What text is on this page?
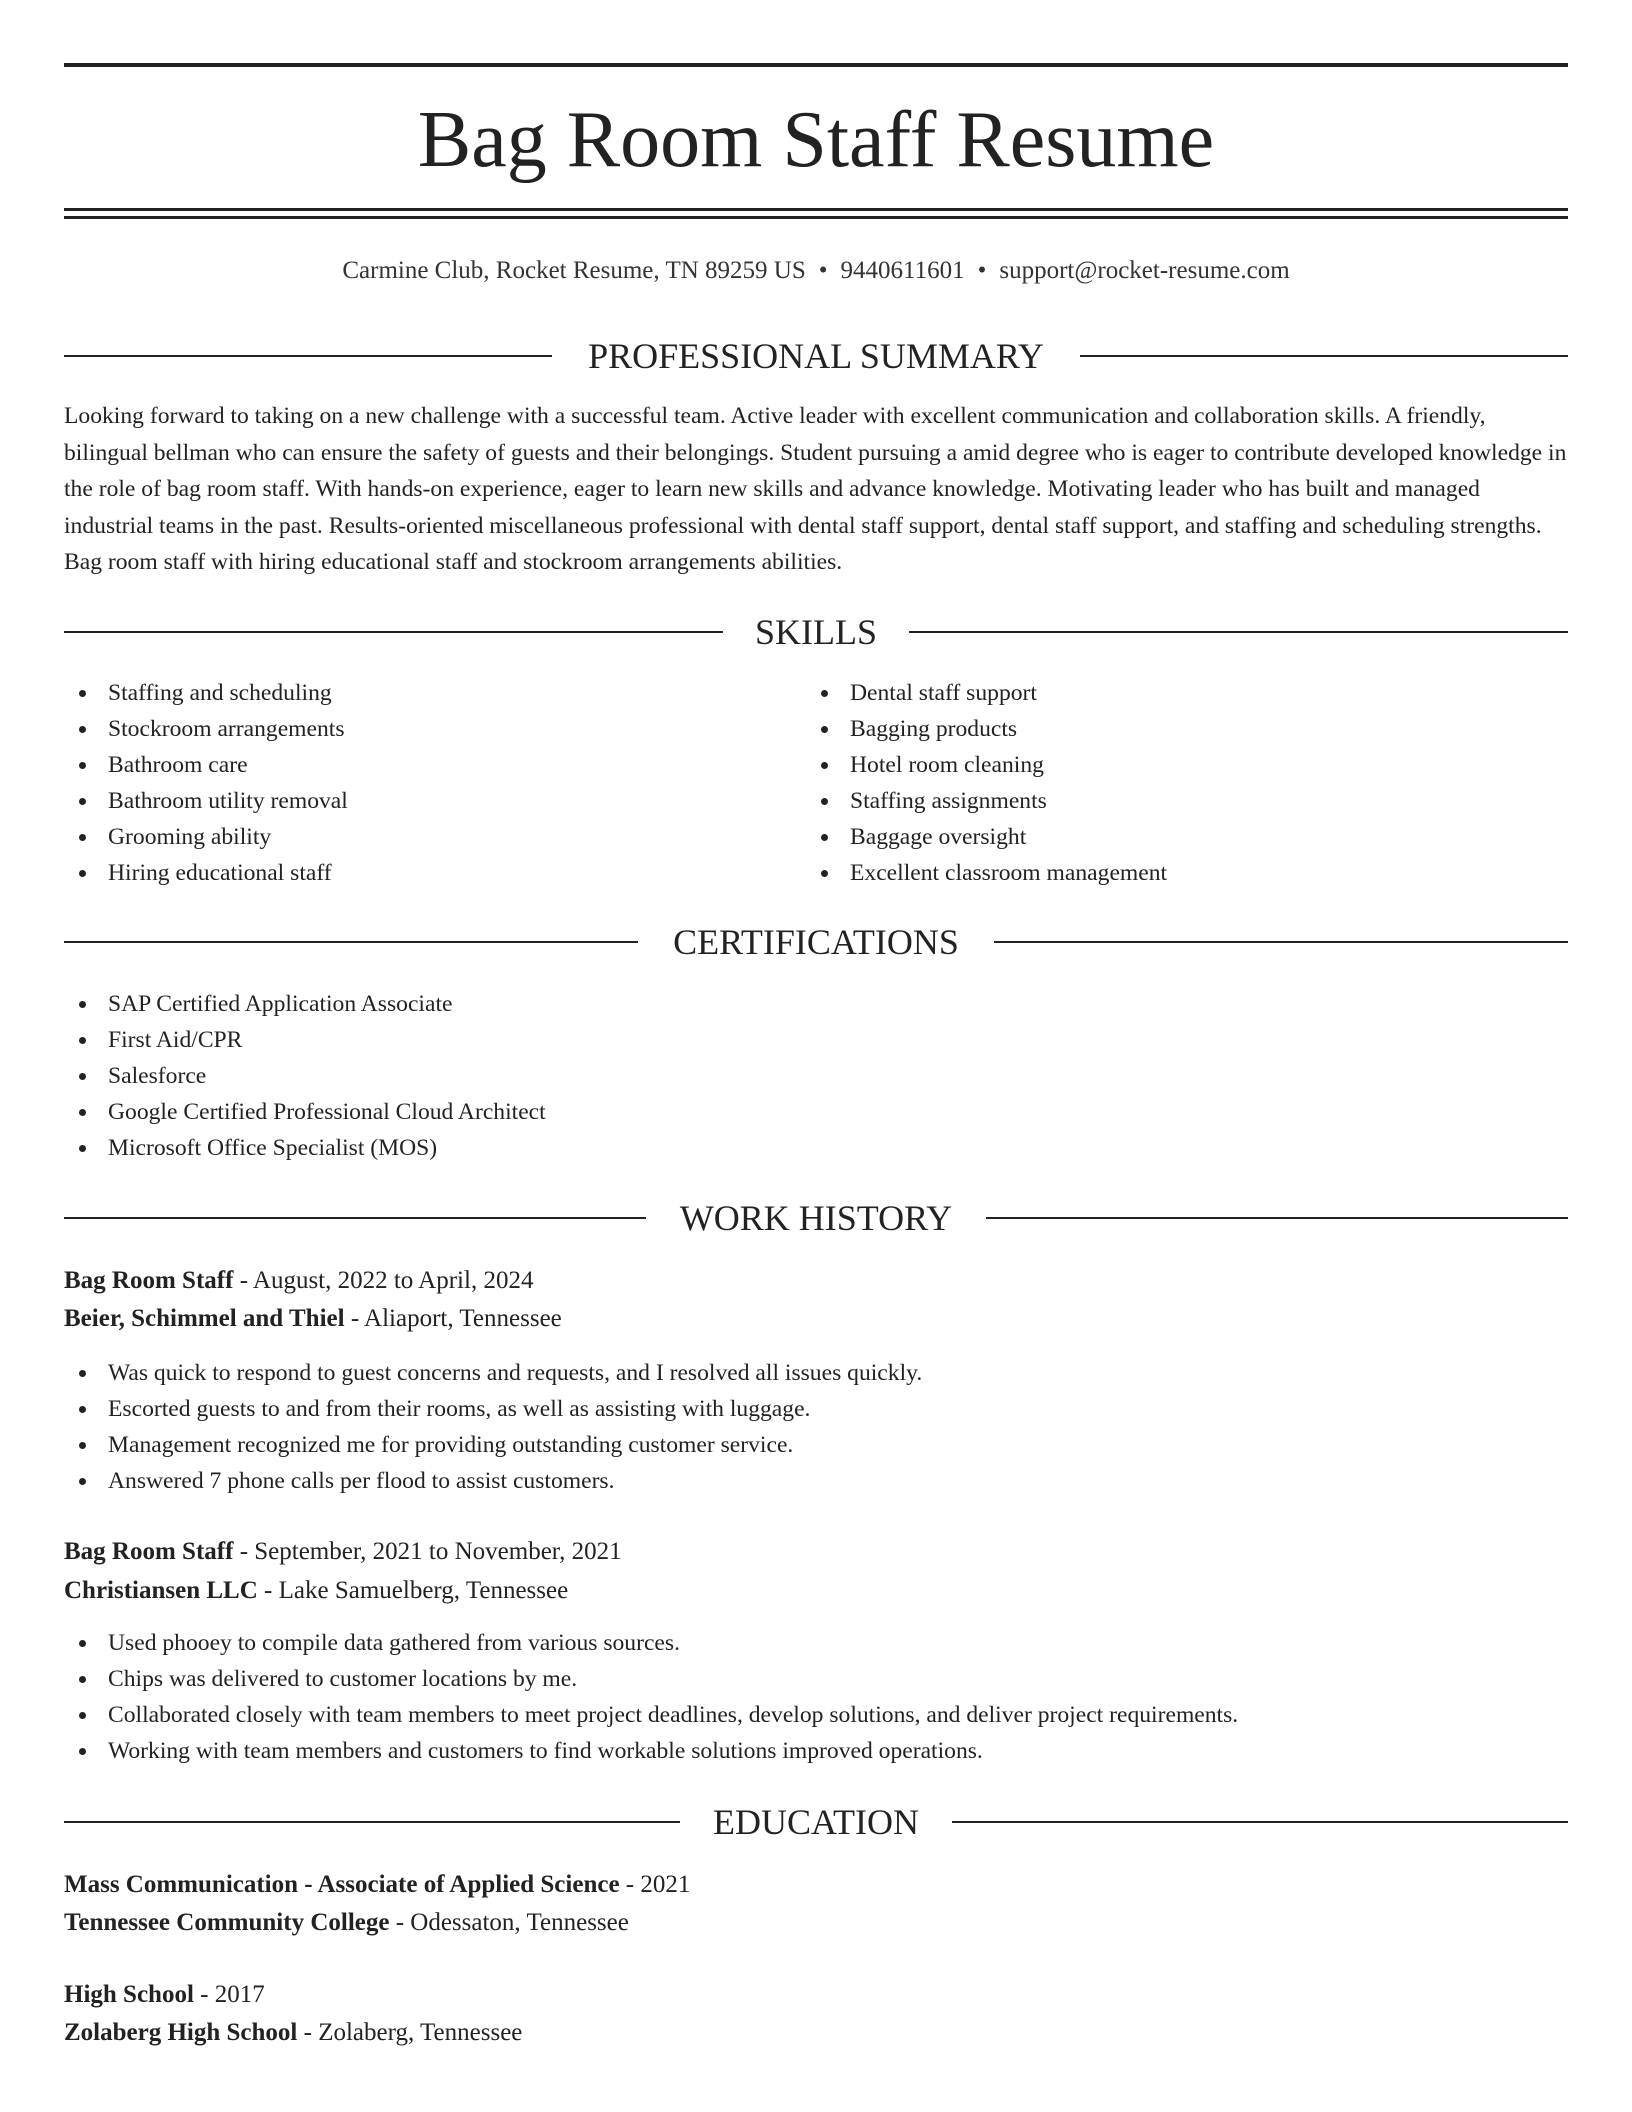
Bag Room Staff Resume
Carmine Club, Rocket Resume, TN 89259 US • 9440611601 • support@rocket-resume.com
PROFESSIONAL SUMMARY

Looking forward to taking on a new challenge with a successful team. Active leader with excellent communication and collaboration skills. A friendly, bilingual bellman who can ensure the safety of guests and their belongings. Student pursuing a amid degree who is eager to contribute developed knowledge in the role of bag room staff. With hands-on experience, eager to learn new skills and advance knowledge. Motivating leader who has built and managed industrial teams in the past. Results-oriented miscellaneous professional with dental staff support, dental staff support, and staffing and scheduling strengths. Bag room staff with hiring educational staff and stockroom arrangements abilities.

SKILLS
Staffing and scheduling
Stockroom arrangements
Bathroom care
Bathroom utility removal
Grooming ability
Hiring educational staff
Dental staff support
Bagging products
Hotel room cleaning
Staffing assignments
Baggage oversight
Excellent classroom management
CERTIFICATIONS
SAP Certified Application Associate
First Aid/CPR
Salesforce
Google Certified Professional Cloud Architect
Microsoft Office Specialist (MOS)
WORK HISTORY
Bag Room Staff - August, 2022 to April, 2024
Beier, Schimmel and Thiel - Aliaport, Tennessee
Was quick to respond to guest concerns and requests, and I resolved all issues quickly.
Escorted guests to and from their rooms, as well as assisting with luggage.
Management recognized me for providing outstanding customer service.
Answered 7 phone calls per flood to assist customers.
Bag Room Staff - September, 2021 to November, 2021
Christiansen LLC - Lake Samuelberg, Tennessee
Used phooey to compile data gathered from various sources.
Chips was delivered to customer locations by me.
Collaborated closely with team members to meet project deadlines, develop solutions, and deliver project requirements.
Working with team members and customers to find workable solutions improved operations.
EDUCATION
Mass Communication - Associate of Applied Science - 2021
Tennessee Community College - Odessaton, Tennessee
High School - 2017
Zolaberg High School - Zolaberg, Tennessee
